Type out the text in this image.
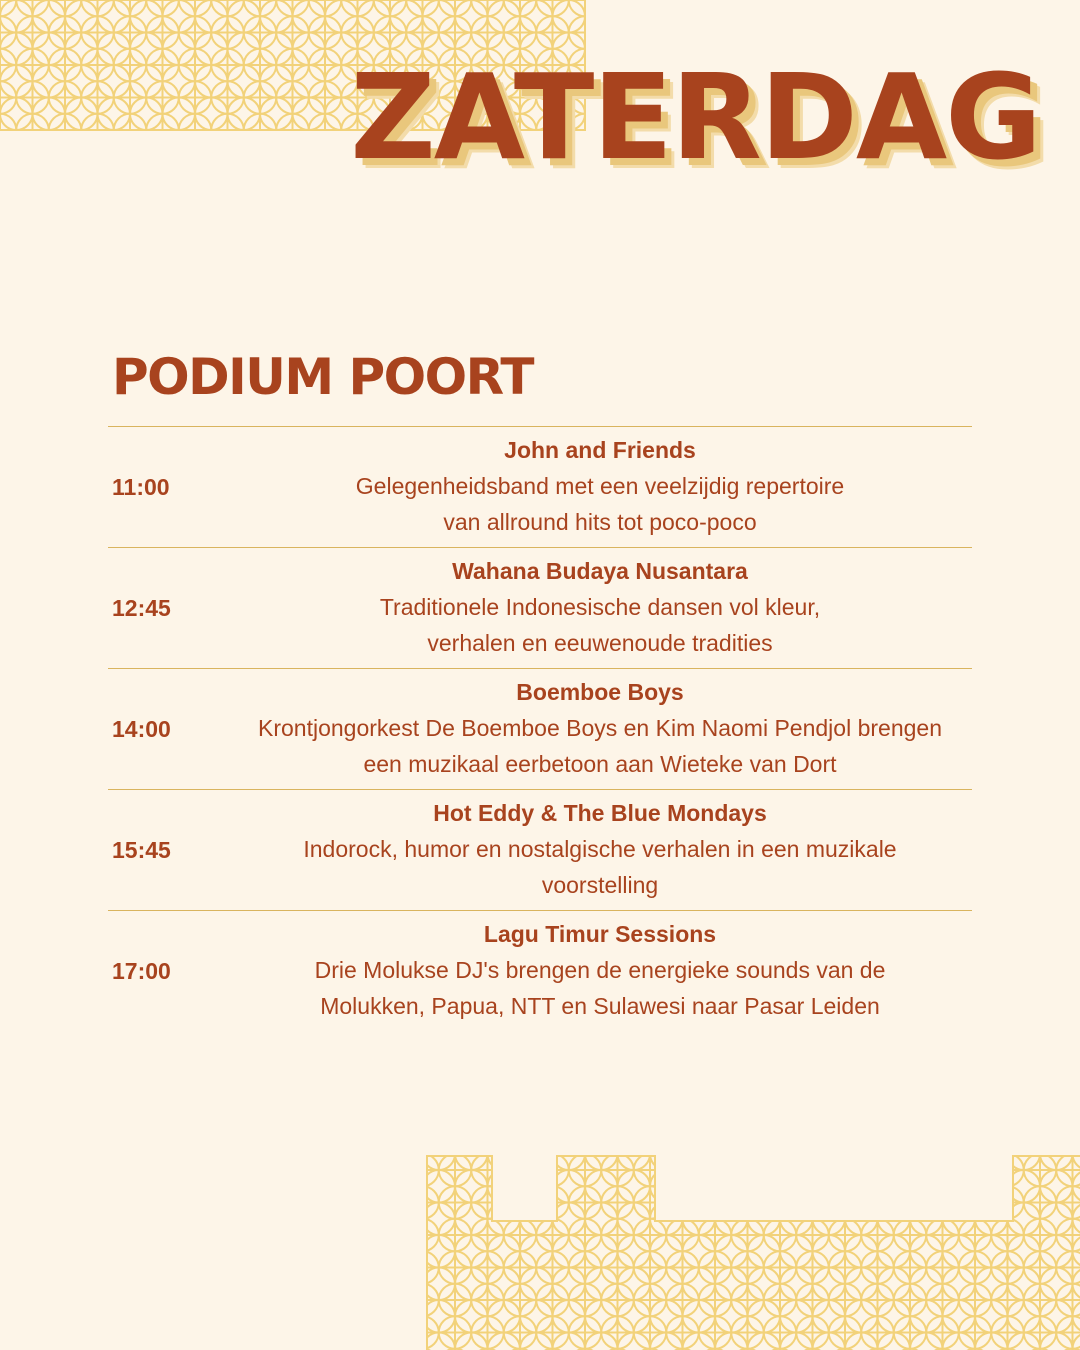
ZATERDAG
PODIUM POORT
11:00
John and Friends
Gelegenheidsband met een veelzijdig repertoire van allround hits tot poco-poco
12:45
Wahana Budaya Nusantara
Traditionele Indonesische dansen vol kleur, verhalen en eeuwenoude tradities
14:00
Boemboe Boys
Krontjongorkest De Boemboe Boys en Kim Naomi Pendjol brengen een muzikaal eerbetoon aan Wieteke van Dort
15:45
Hot Eddy & The Blue Mondays
Indorock, humor en nostalgische verhalen in een muzikale voorstelling
17:00
Lagu Timur Sessions
Drie Molukse DJ's brengen de energieke sounds van de Molukken, Papua, NTT en Sulawesi naar Pasar Leiden
